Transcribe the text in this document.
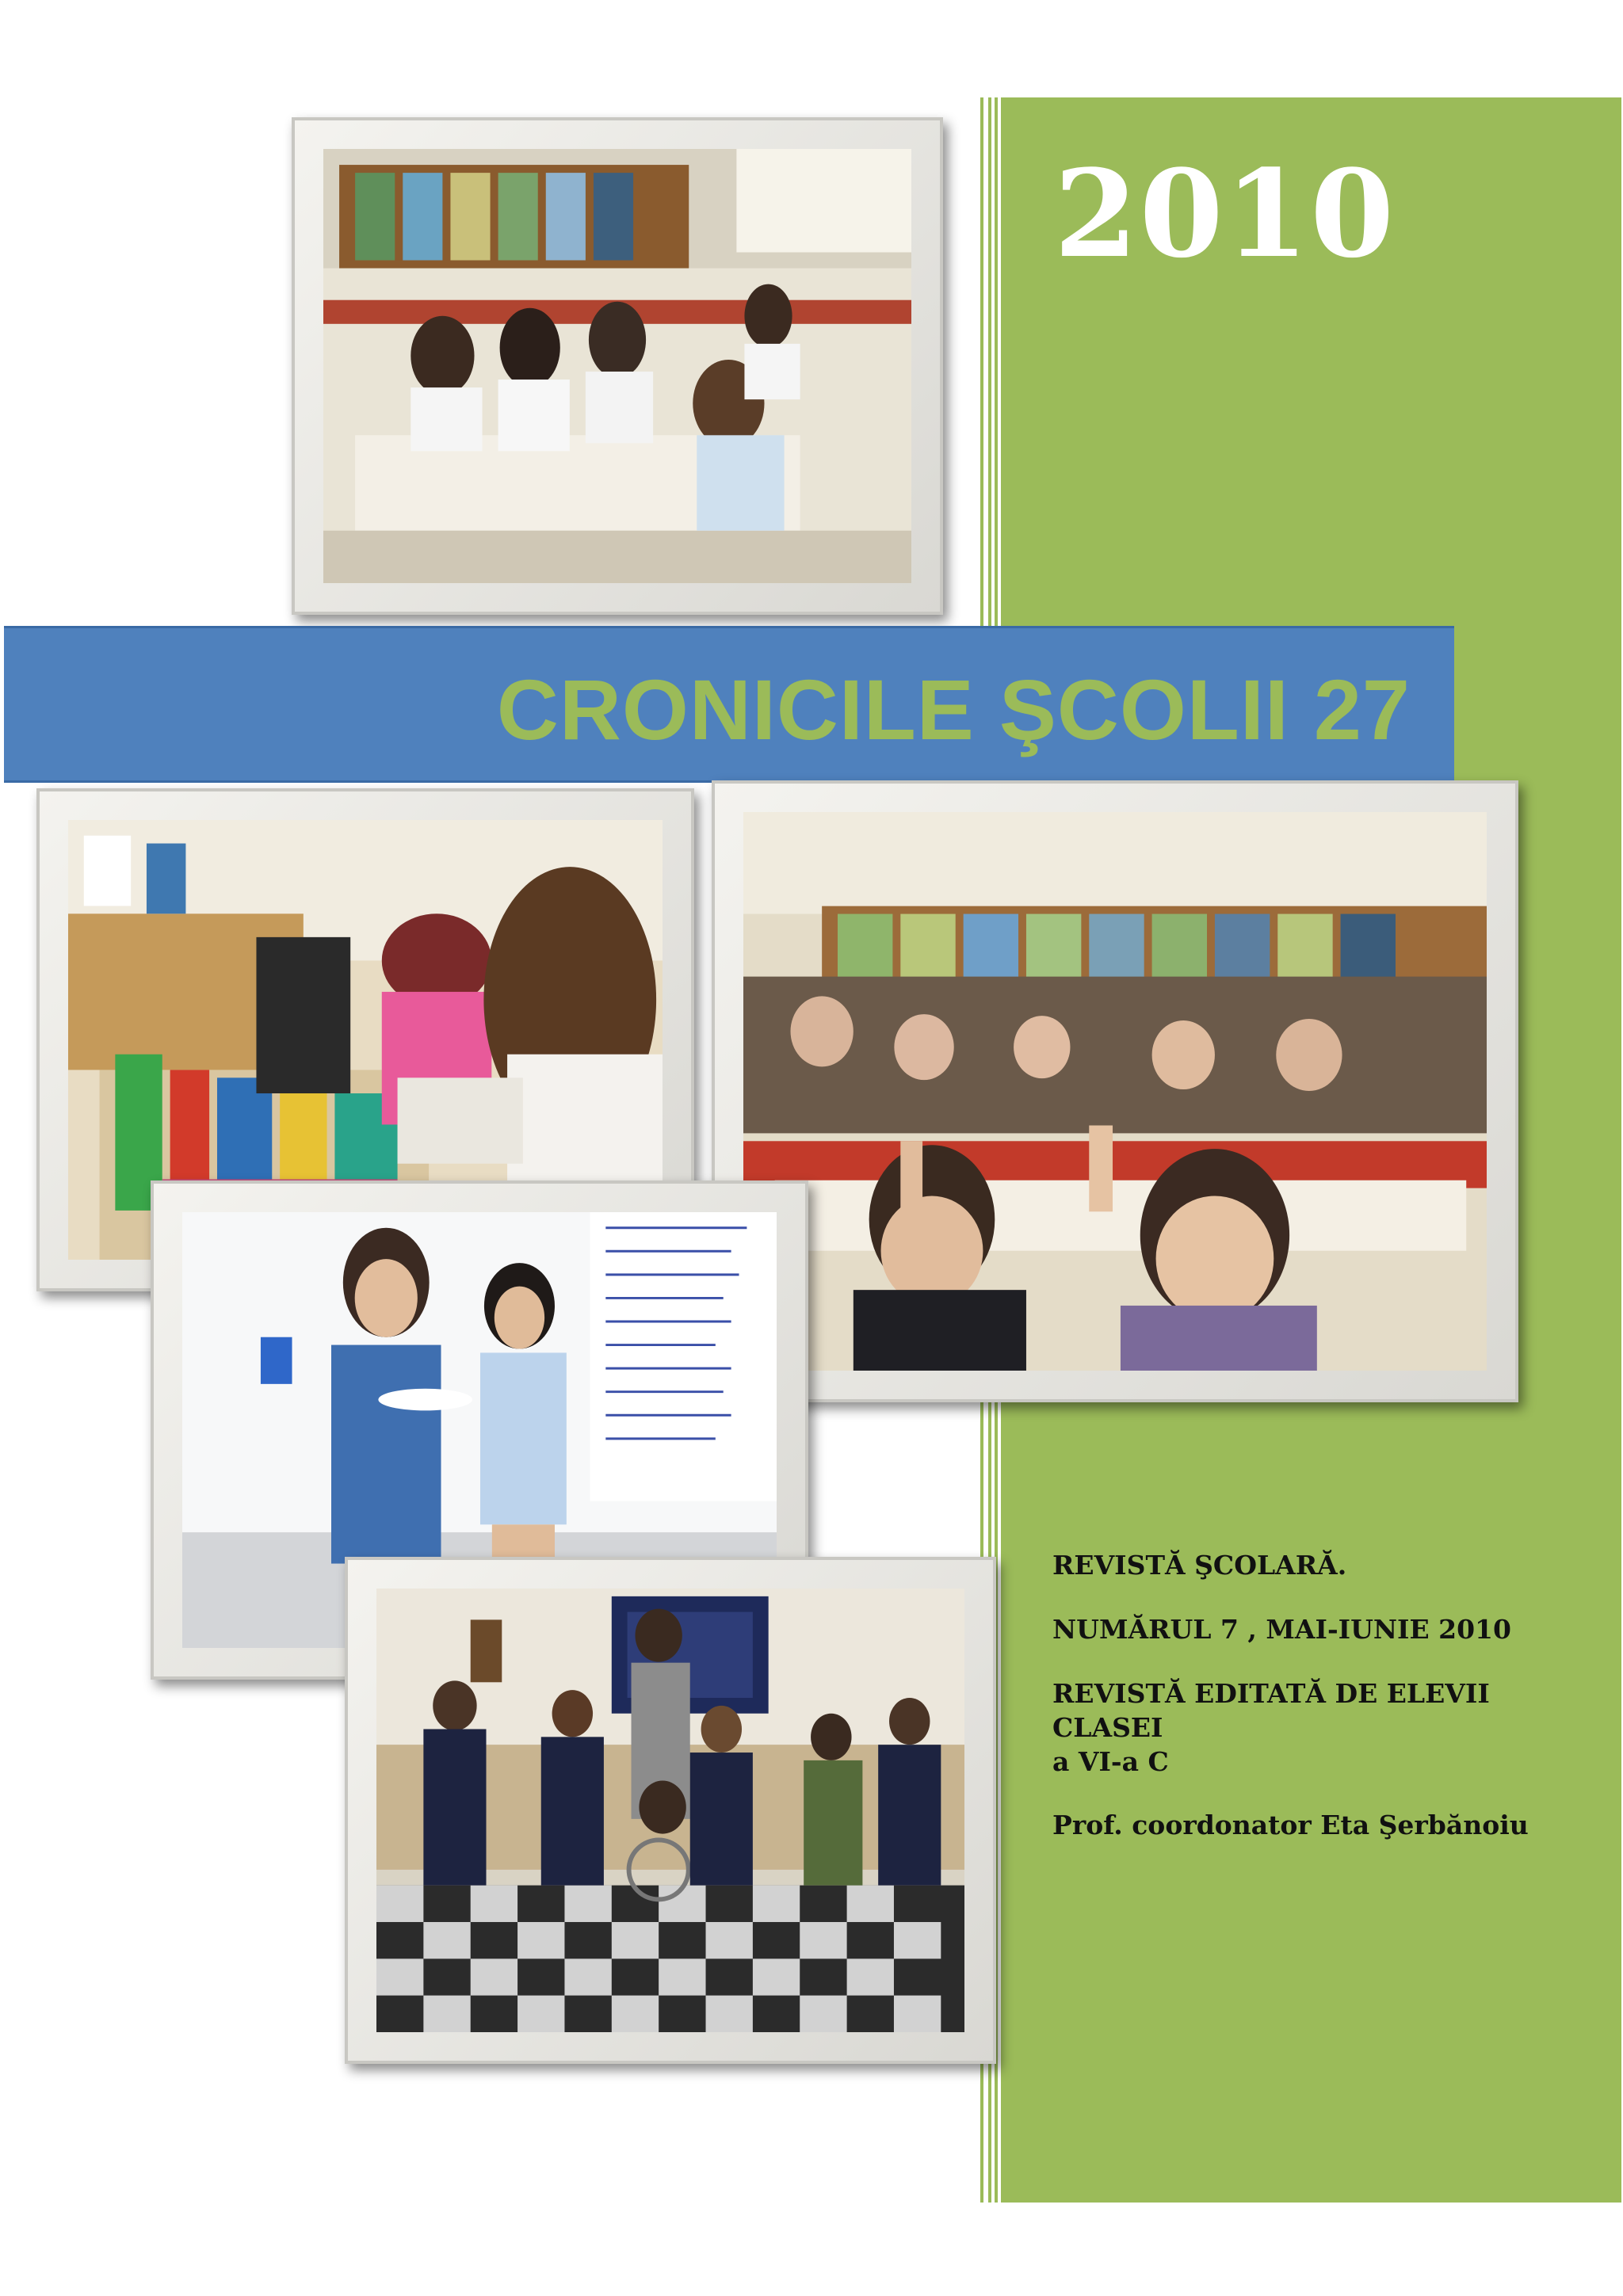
2010
CRONICILE ŞCOLII 27

REVISTĂ ŞCOLARĂ.

NUMĂRUL 7 , MAI-IUNIE 2010

REVISTĂ EDITATĂ DE ELEVII CLASEI
a VI-a C

Prof. coordonator Eta Şerbănoiu
